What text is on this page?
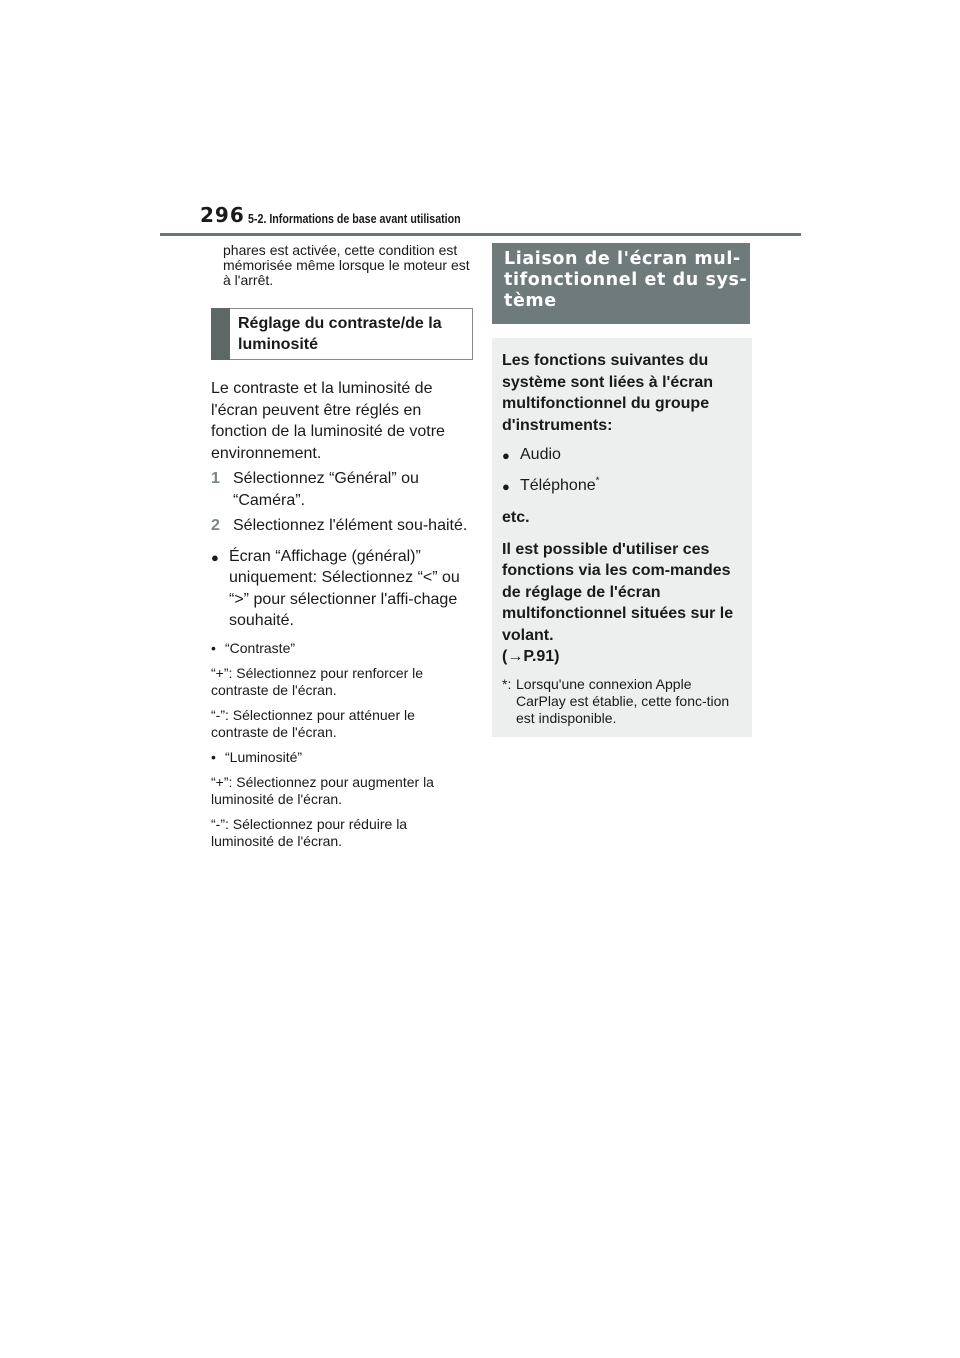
296 5-2. Informations de base avant utilisation
phares est activée, cette condition est mémorisée même lorsque le moteur est à l'arrêt.
Réglage du contraste/de la luminosité
Le contraste et la luminosité de l'écran peuvent être réglés en fonction de la luminosité de votre environnement.
1 Sélectionnez “Général” ou “Caméra”.
2 Sélectionnez l'élément sou-haité.
● Écran “Affichage (général)” uniquement: Sélectionnez “<” ou “>” pour sélectionner l'affi-chage souhaité.
• “Contraste”
“+”: Sélectionnez pour renforcer le contraste de l'écran.
“-”: Sélectionnez pour atténuer le contraste de l'écran.
• “Luminosité”
“+”: Sélectionnez pour augmenter la luminosité de l'écran.
“-”: Sélectionnez pour réduire la luminosité de l'écran.
Liaison de l'écran mul-tifonctionnel et du sys-tème
Les fonctions suivantes du système sont liées à l'écran multifonctionnel du groupe d'instruments:
● Audio
● Téléphone*
etc.
Il est possible d'utiliser ces fonctions via les com-mandes de réglage de l'écran multifonctionnel situées sur le volant.
(→P.91)
*: Lorsqu'une connexion Apple CarPlay est établie, cette fonc-tion est indisponible.
